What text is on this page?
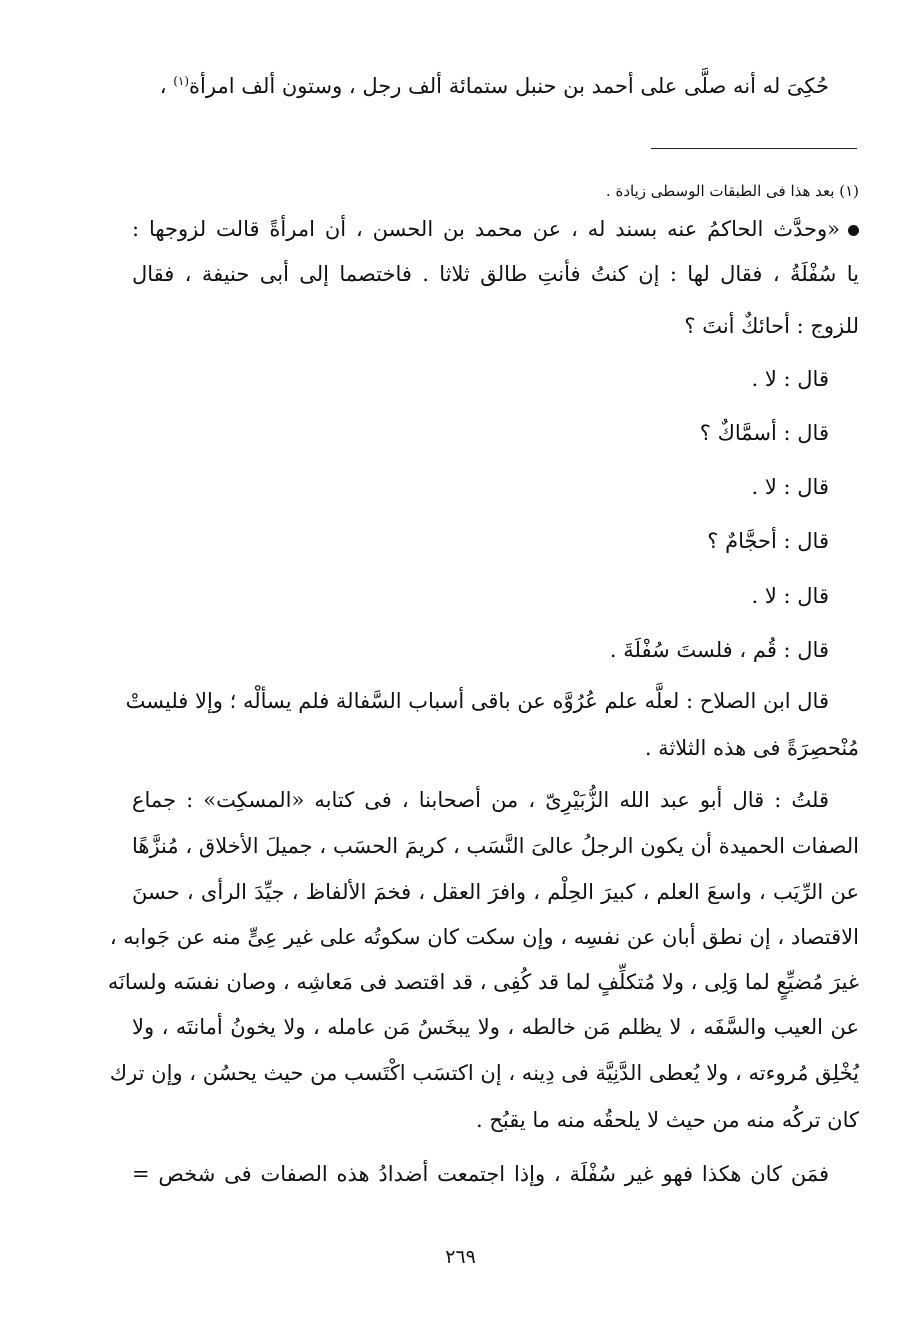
حُكِىَ له أنه صلَّى على أحمد بن حنبل ستمائة ألف رجل ، وستون ألف امرأة$^{(١)}$ ،
(١) بعد هذا فى الطبقات الوسطى زيادة .
«وحدَّث الحاكمُ عنه بسند له ، عن محمد بن الحسن ، أن امرأةً قالت لزوجها :
يا سُفْلَةُ ، فقال لها : إن كنتُ فأنتِ طالق ثلاثا . فاختصما إلى أبى حنيفة ، فقال
للزوج : أحائكٌ أنتَ ؟
قال : لا .
قال : أسمَّاكٌ ؟
قال : لا .
قال : أحجَّامٌ ؟
قال : لا .
قال : قُم ، فلستَ سُفْلَةَ .
قال ابن الصلاح : لعلَّه علم عُرُوَّه عن باقى أسباب السَّفالة فلم يسألْه ؛ وإلا فليستْ
مُنْحصِرَةً فى هذه الثلاثة .
قلتُ : قال أبو عبد الله الزُّبَيْرِىّ ، من أصحابنا ، فى كتابه «المسكِت» : جماع
الصفات الحميدة أن يكون الرجلُ عالىَ النَّسَب ، كريمَ الحسَب ، جميلَ الأخلاق ، مُنزَّهًا
عن الرِّيَب ، واسعَ العلم ، كبيرَ الحِلْم ، وافرَ العقل ، فخمَ الألفاظ ، جيِّدَ الرأى ، حسنَ
الاقتصاد ، إن نطق أبان عن نفسِه ، وإن سكت كان سكوتُه على غير عِىٍّ منه عن جَوابه ،
غيرَ مُضيِّعٍ لما وَلِى ، ولا مُتكلِّفٍ لما قد كُفِى ، قد اقتصد فى مَعاشِه ، وصان نفسَه ولسانَه
عن العيب والسَّفَه ، لا يظلم مَن خالطه ، ولا يبخَسُ مَن عامله ، ولا يخونُ أمانتَه ، ولا
يُخْلِق مُروءته ، ولا يُعطى الدَّنِيَّة فى دِينه ، إن اكتسَب اكْتَسب من حيث يحسُن ، وإن ترك
كان تركُه منه من حيث لا يلحقُه منه ما يقبُح .
فمَن كان هكذا فهو غير سُفْلَة ، وإذا اجتمعت أضدادُ هذه الصفات فى شخص =
٢٦٩
